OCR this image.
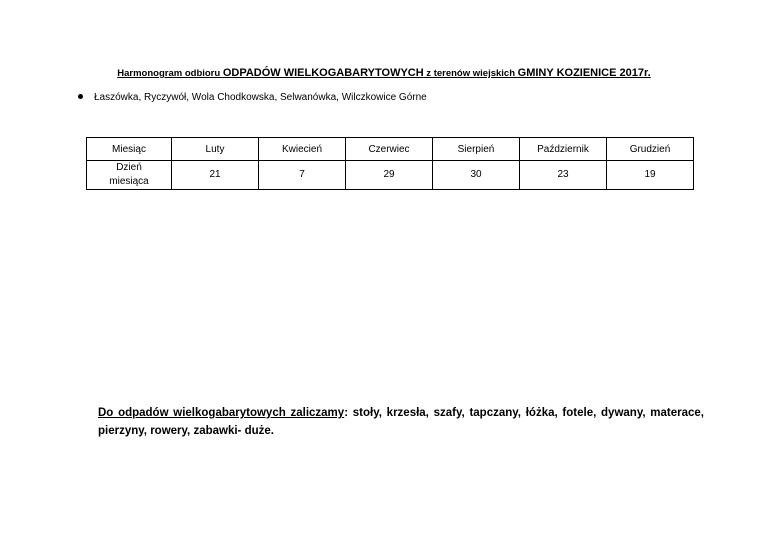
Harmonogram odbioru ODPADÓW WIELKOGABARYTOWYCH z terenów wiejskich GMINY KOZIENICE 2017r.
Łaszówka, Ryczywół, Wola Chodkowska, Selwanówka, Wilczkowice Górne
Miesiąc	Luty	Kwiecień	Czerwiec	Sierpień	Październik	Grudzień
Dzień
miesiąca	21	7	29	30	23	19
Do odpadów wielkogabarytowych zaliczamy: stoły, krzesła, szafy, tapczany, łóżka, fotele, dywany, materace,
pierzyny, rowery, zabawki- duże.
